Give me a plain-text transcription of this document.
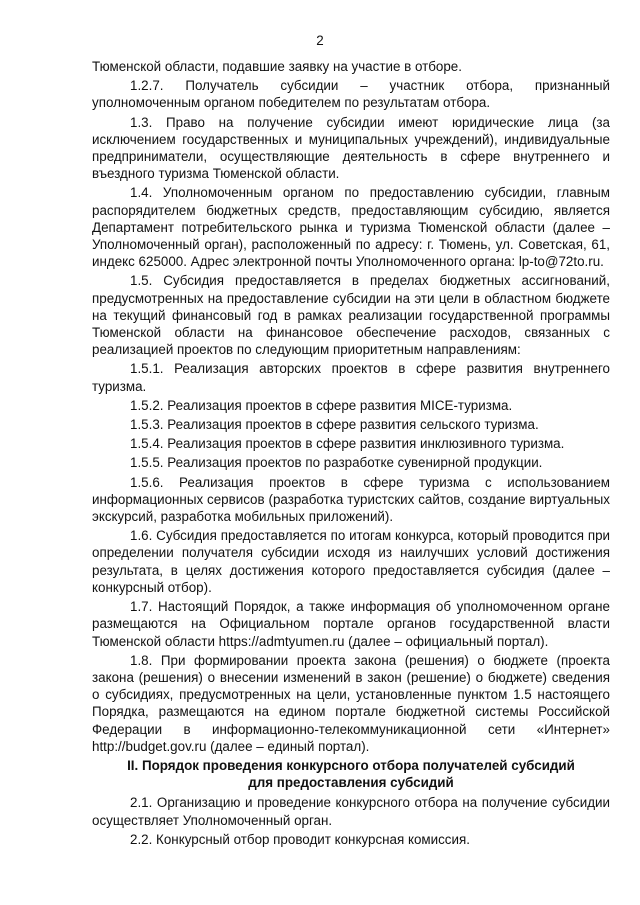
2

Тюменской области, подавшие заявку на участие в отборе.

1.2.7. Получатель субсидии – участник отбора, признанный уполномоченным органом победителем по результатам отбора.

1.3. Право на получение субсидии имеют юридические лица (за исключением государственных и муниципальных учреждений), индивидуальные предприниматели, осуществляющие деятельность в сфере внутреннего и въездного туризма Тюменской области.

1.4. Уполномоченным органом по предоставлению субсидии, главным распорядителем бюджетных средств, предоставляющим субсидию, является Департамент потребительского рынка и туризма Тюменской области (далее – Уполномоченный орган), расположенный по адресу: г. Тюмень, ул. Советская, 61, индекс 625000. Адрес электронной почты Уполномоченного органа: lp-to@72to.ru.

1.5. Субсидия предоставляется в пределах бюджетных ассигнований, предусмотренных на предоставление субсидии на эти цели в областном бюджете на текущий финансовый год в рамках реализации государственной программы Тюменской области на финансовое обеспечение расходов, связанных с реализацией проектов по следующим приоритетным направлениям:

1.5.1. Реализация авторских проектов в сфере развития внутреннего туризма.

1.5.2. Реализация проектов в сфере развития MICE-туризма.

1.5.3. Реализация проектов в сфере развития сельского туризма.

1.5.4. Реализация проектов в сфере развития инклюзивного туризма.

1.5.5. Реализация проектов по разработке сувенирной продукции.

1.5.6. Реализация проектов в сфере туризма с использованием информационных сервисов (разработка туристских сайтов, создание виртуальных экскурсий, разработка мобильных приложений).

1.6. Субсидия предоставляется по итогам конкурса, который проводится при определении получателя субсидии исходя из наилучших условий достижения результата, в целях достижения которого предоставляется субсидия (далее – конкурсный отбор).

1.7. Настоящий Порядок, а также информация об уполномоченном органе размещаются на Официальном портале органов государственной власти Тюменской области https://admtyumen.ru (далее – официальный портал).

1.8. При формировании проекта закона (решения) о бюджете (проекта закона (решения) о внесении изменений в закон (решение) о бюджете) сведения о субсидиях, предусмотренных на цели, установленные пунктом 1.5 настоящего Порядка, размещаются на едином портале бюджетной системы Российской Федерации в информационно-телекоммуникационной сети «Интернет» http://budget.gov.ru (далее – единый портал).

II. Порядок проведения конкурсного отбора получателей субсидий
для предоставления субсидий

2.1. Организацию и проведение конкурсного отбора на получение субсидии осуществляет Уполномоченный орган.

2.2. Конкурсный отбор проводит конкурсная комиссия.
